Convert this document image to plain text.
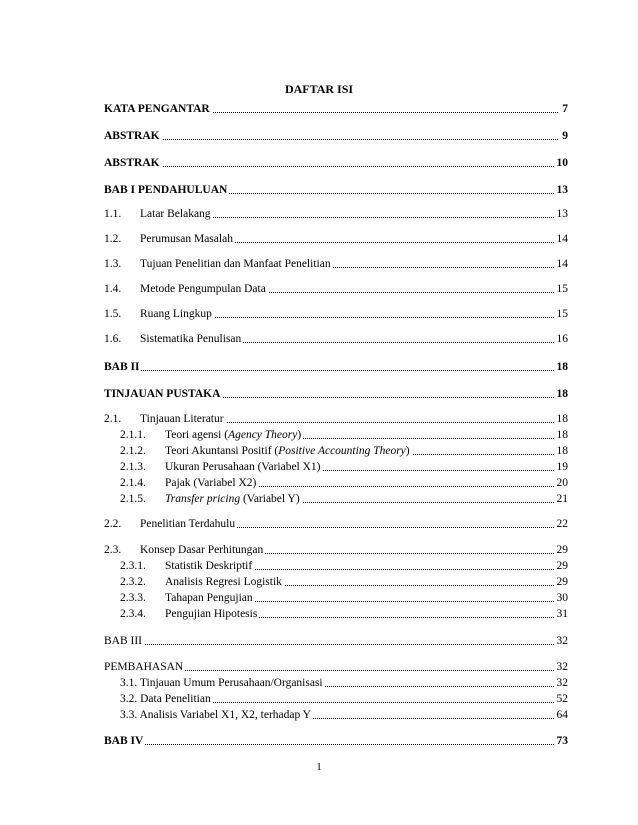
DAFTAR ISI
KATA PENGANTAR	7
ABSTRAK	9
ABSTRAK	10
BAB I PENDAHULUAN	13
1.1. Latar Belakang	13
1.2. Perumusan Masalah	14
1.3. Tujuan Penelitian dan Manfaat Penelitian	14
1.4. Metode Pengumpulan Data	15
1.5. Ruang Lingkup	15
1.6. Sistematika Penulisan	16
BAB II	18
TINJAUAN PUSTAKA	18
2.1. Tinjauan Literatur	18
2.1.1. Teori agensi (Agency Theory)	18
2.1.2. Teori Akuntansi Positif (Positive Accounting Theory)	18
2.1.3. Ukuran Perusahaan (Variabel X1)	19
2.1.4. Pajak (Variabel X2)	20
2.1.5. Transfer pricing (Variabel Y)	21
2.2. Penelitian Terdahulu	22
2.3. Konsep Dasar Perhitungan	29
2.3.1. Statistik Deskriptif	29
2.3.2. Analisis Regresi Logistik	29
2.3.3. Tahapan Pengujian	30
2.3.4. Pengujian Hipotesis	31
BAB III	32
PEMBAHASAN	32
3.1. Tinjauan Umum Perusahaan/Organisasi	32
3.2. Data Penelitian	52
3.3. Analisis Variabel X1, X2, terhadap Y	64
BAB IV	73
1
